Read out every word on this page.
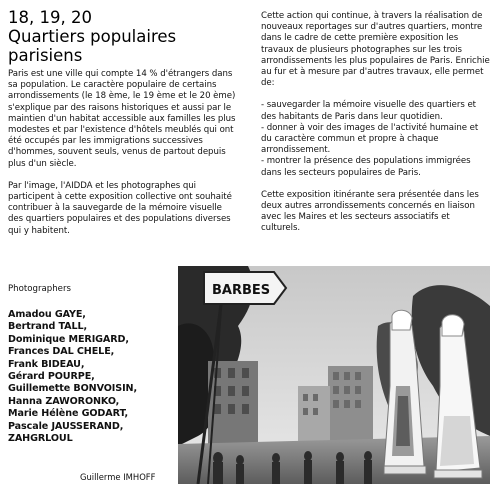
18, 19, 20
Quartiers populaires
parisiens

Paris est une ville qui compte 14 % d'étrangers dans sa population. Le caractère populaire de certains arrondissements (le 18 ème, le 19 ème et le 20 ème) s'explique par des raisons historiques et aussi par le maintien d'un habitat accessible aux familles les plus modestes et par l'existence d'hôtels meublés qui ont été occupés par les immigrations successives d'hommes, souvent seuls, venus de partout depuis plus d'un siècle.

Par l'image, l'AIDDA et les photographes qui participent à cette exposition collective ont souhaité contribuer à la sauvegarde de la mémoire visuelle des quartiers populaires et des populations diverses qui y habitent.

Cette action qui continue, à travers la réalisation de nouveaux reportages sur d'autres quartiers, montre dans le cadre de cette première exposition les travaux de plusieurs photographes sur les trois arrondissements les plus populaires de Paris. Enrichie au fur et à mesure par d'autres travaux, elle permet de:

- sauvegarder la mémoire visuelle des quartiers et des habitants de Paris dans leur quotidien.
- donner à voir des images de l'activité humaine et du caractère commun et propre à chaque arrondissement.
- montrer la présence des populations immigrées dans les secteurs populaires de Paris.

Cette exposition itinérante sera présentée dans les deux autres arrondissements concernés en liaison avec les Maires et les secteurs associatifs et culturels.

Photographers
Amadou GAYE,
Bertrand TALL,
Dominique MERIGARD,
Frances DAL CHELE,
Frank BIDEAU,
Gérard POURPE,
Guillemette BONVOISIN,
Hanna ZAWORONKO,
Marie Hélène GODART,
Pascale JAUSSERAND,
ZAHGRLOUL
Guillerme IMHOFF
BARBES
